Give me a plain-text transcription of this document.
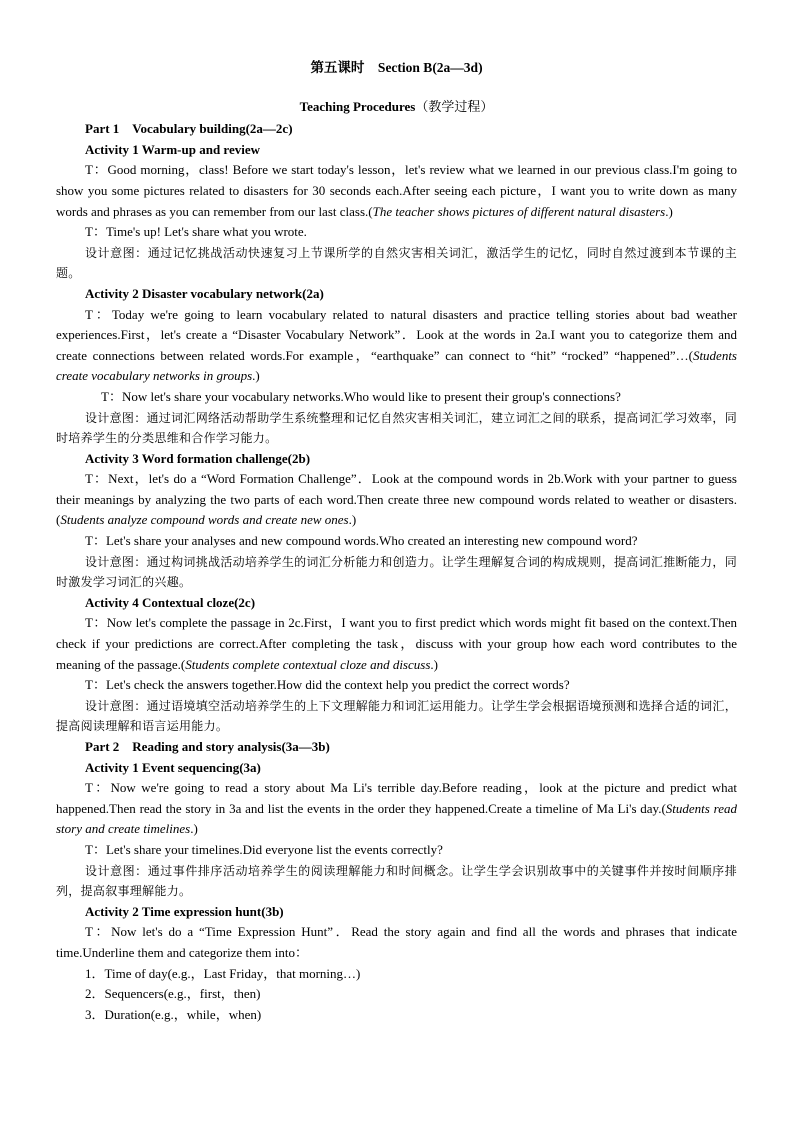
第五课时　Section B(2a—3d)
Teaching Procedures（教学过程）
Part 1　Vocabulary building(2a—2c)
Activity 1 Warm-up and review
T：Good morning，class! Before we start today's lesson，let's review what we learned in our previous class.I'm going to show you some pictures related to disasters for 30 seconds each.After seeing each picture，I want you to write down as many words and phrases as you can remember from our last class.(The teacher shows pictures of different natural disasters.)
T：Time's up! Let's share what you wrote.
设计意图：通过记忆挑战活动快速复习上节课所学的自然灾害相关词汇，激活学生的记忆，同时自然过渡到本节课的主题。
Activity 2 Disaster vocabulary network(2a)
T：Today we're going to learn vocabulary related to natural disasters and practice telling stories about bad weather experiences.First，let's create a “Disaster Vocabulary Network”．Look at the words in 2a.I want you to categorize them and create connections between related words.For example，“earthquake” can connect to “hit” “rocked” “happened”…(Students create vocabulary networks in groups.)
T：Now let's share your vocabulary networks.Who would like to present their group's connections?
设计意图：通过词汇网络活动帮助学生系统整理和记忆自然灾害相关词汇，建立词汇之间的联系，提高词汇学习效率，同时培养学生的分类思维和合作学习能力。
Activity 3 Word formation challenge(2b)
T：Next，let's do a “Word Formation Challenge”．Look at the compound words in 2b.Work with your partner to guess their meanings by analyzing the two parts of each word.Then create three new compound words related to weather or disasters.(Students analyze compound words and create new ones.)
T：Let's share your analyses and new compound words.Who created an interesting new compound word?
设计意图：通过构词挑战活动培养学生的词汇分析能力和创造力。让学生理解复合词的构成规则，提高词汇推断能力，同时激发学习词汇的兴趣。
Activity 4 Contextual cloze(2c)
T：Now let's complete the passage in 2c.First，I want you to first predict which words might fit based on the context.Then check if your predictions are correct.After completing the task，discuss with your group how each word contributes to the meaning of the passage.(Students complete contextual cloze and discuss.)
T：Let's check the answers together.How did the context help you predict the correct words?
设计意图：通过语境填空活动培养学生的上下文理解能力和词汇运用能力。让学生学会根据语境预测和选择合适的词汇，提高阅读理解和语言运用能力。
Part 2　Reading and story analysis(3a—3b)
Activity 1 Event sequencing(3a)
T：Now we're going to read a story about Ma Li's terrible day.Before reading，look at the picture and predict what happened.Then read the story in 3a and list the events in the order they happened.Create a timeline of Ma Li's day.(Students read story and create timelines.)
T：Let's share your timelines.Did everyone list the events correctly?
设计意图：通过事件排序活动培养学生的阅读理解能力和时间概念。让学生学会识别故事中的关键事件并按时间顺序排列，提高叙事理解能力。
Activity 2 Time expression hunt(3b)
T：Now let's do a “Time Expression Hunt”．Read the story again and find all the words and phrases that indicate time.Underline them and categorize them into：
1．Time of day(e.g.，Last Friday，that morning…)
2．Sequencers(e.g.，first，then)
3．Duration(e.g.，while，when)
